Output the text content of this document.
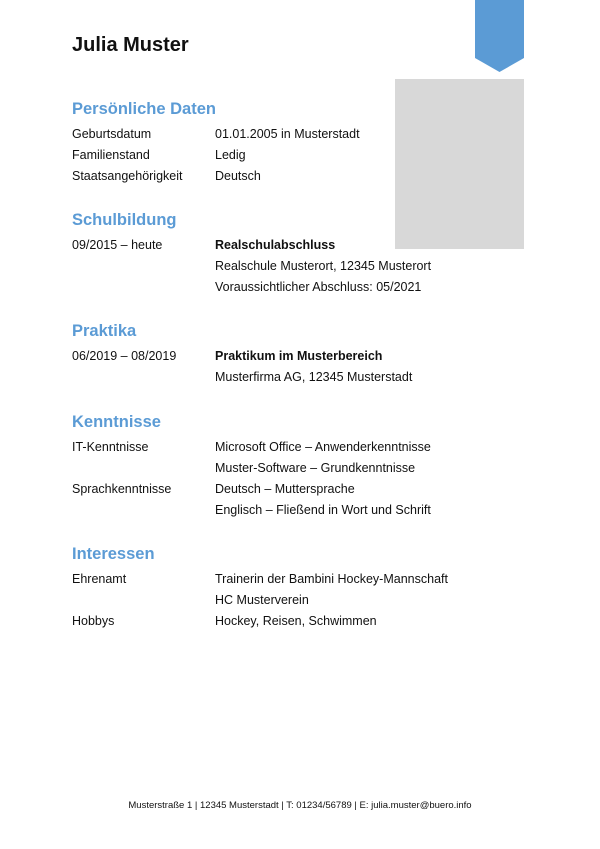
Julia Muster
Persönliche Daten
Geburtsdatum	01.01.2005 in Musterstadt
Familienstand	Ledig
Staatsangehörigkeit	Deutsch
Schulbildung
09/2015 – heute	Realschulabschluss
Realschule Musterort, 12345 Musterort
Voraussichtlicher Abschluss: 05/2021
Praktika
06/2019 – 08/2019	Praktikum im Musterbereich
Musterfirma AG, 12345 Musterstadt
Kenntnisse
IT-Kenntnisse	Microsoft Office – Anwenderkenntnisse
Muster-Software – Grundkenntnisse
Sprachkenntnisse	Deutsch – Muttersprache
Englisch – Fließend in Wort und Schrift
Interessen
Ehrenamt	Trainerin der Bambini Hockey-Mannschaft
HC Musterverein
Hobbys	Hockey, Reisen, Schwimmen
Musterstraße 1 | 12345 Musterstadt | T: 01234/56789 | E: julia.muster@buero.info
